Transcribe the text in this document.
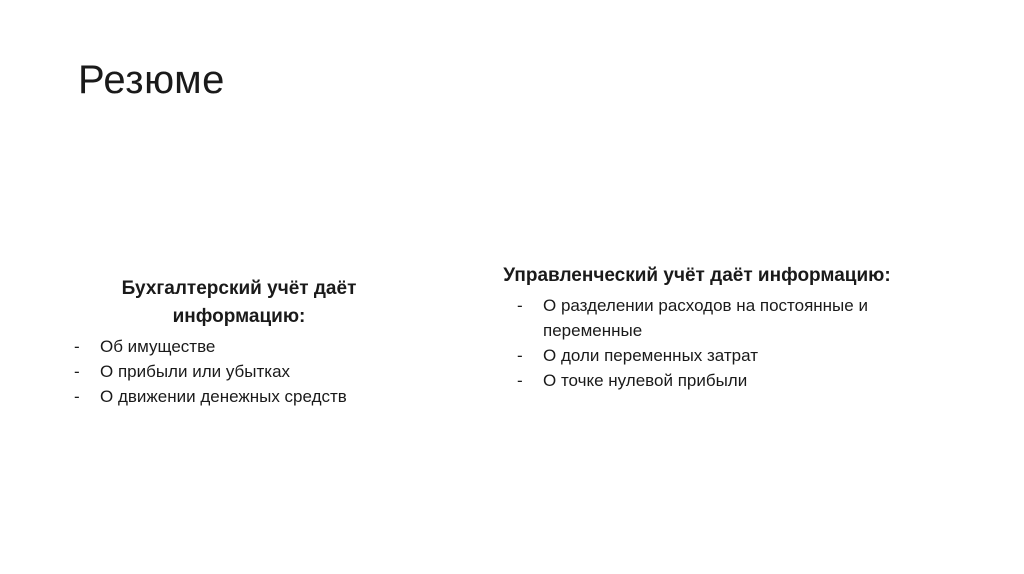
Резюме
Бухгалтерский учёт даёт информацию:
-	Об имуществе
-	О прибыли или убытках
-	О движении денежных средств
Управленческий учёт даёт информацию:
-	О разделении расходов на постоянные и переменные
-	О доли переменных затрат
-	О точке нулевой прибыли
